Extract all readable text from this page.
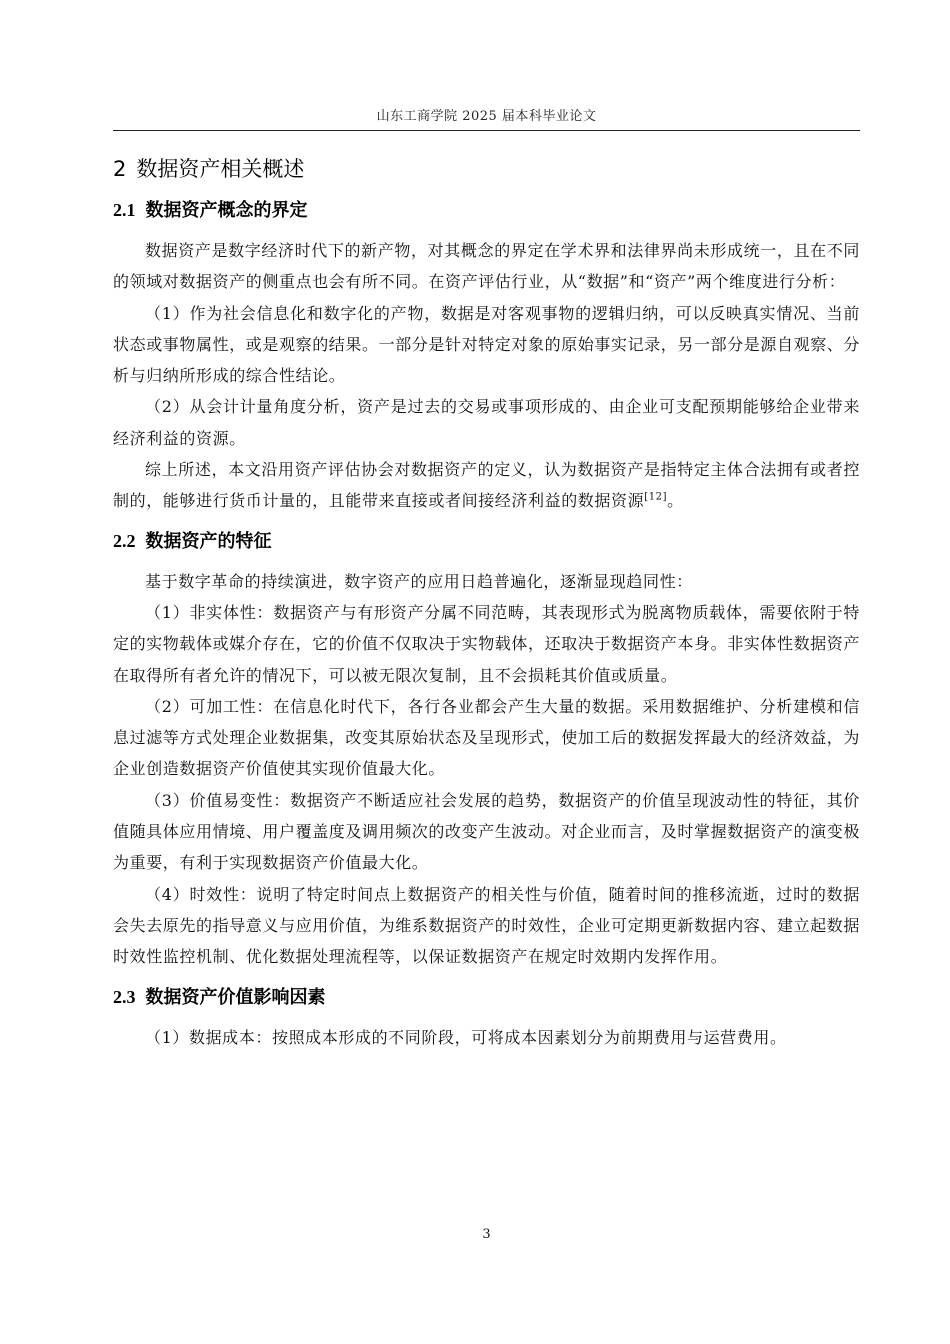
山东工商学院 2025 届本科毕业论文
2 数据资产相关概述
2.1 数据资产概念的界定

数据资产是数字经济时代下的新产物，对其概念的界定在学术界和法律界尚未形成统一，且在不同的领域对数据资产的侧重点也会有所不同。在资产评估行业，从“数据”和“资产”两个维度进行分析：

（1）作为社会信息化和数字化的产物，数据是对客观事物的逻辑归纳，可以反映真实情况、当前状态或事物属性，或是观察的结果。一部分是针对特定对象的原始事实记录，另一部分是源自观察、分析与归纳所形成的综合性结论。

（2）从会计计量角度分析，资产是过去的交易或事项形成的、由企业可支配预期能够给企业带来经济利益的资源。

综上所述，本文沿用资产评估协会对数据资产的定义，认为数据资产是指特定主体合法拥有或者控制的，能够进行货币计量的，且能带来直接或者间接经济利益的数据资源[12]。

2.2 数据资产的特征

基于数字革命的持续演进，数字资产的应用日趋普遍化，逐渐显现趋同性：

（1）非实体性：数据资产与有形资产分属不同范畴，其表现形式为脱离物质载体，需要依附于特定的实物载体或媒介存在，它的价值不仅取决于实物载体，还取决于数据资产本身。非实体性数据资产在取得所有者允许的情况下，可以被无限次复制，且不会损耗其价值或质量。

（2）可加工性：在信息化时代下，各行各业都会产生大量的数据。采用数据维护、分析建模和信息过滤等方式处理企业数据集，改变其原始状态及呈现形式，使加工后的数据发挥最大的经济效益，为企业创造数据资产价值使其实现价值最大化。

（3）价值易变性：数据资产不断适应社会发展的趋势，数据资产的价值呈现波动性的特征，其价值随具体应用情境、用户覆盖度及调用频次的改变产生波动。对企业而言，及时掌握数据资产的演变极为重要，有利于实现数据资产价值最大化。

（4）时效性：说明了特定时间点上数据资产的相关性与价值，随着时间的推移流逝，过时的数据会失去原先的指导意义与应用价值，为维系数据资产的时效性，企业可定期更新数据内容、建立起数据时效性监控机制、优化数据处理流程等，以保证数据资产在规定时效期内发挥作用。

2.3 数据资产价值影响因素

（1）数据成本：按照成本形成的不同阶段，可将成本因素划分为前期费用与运营费用。

3
